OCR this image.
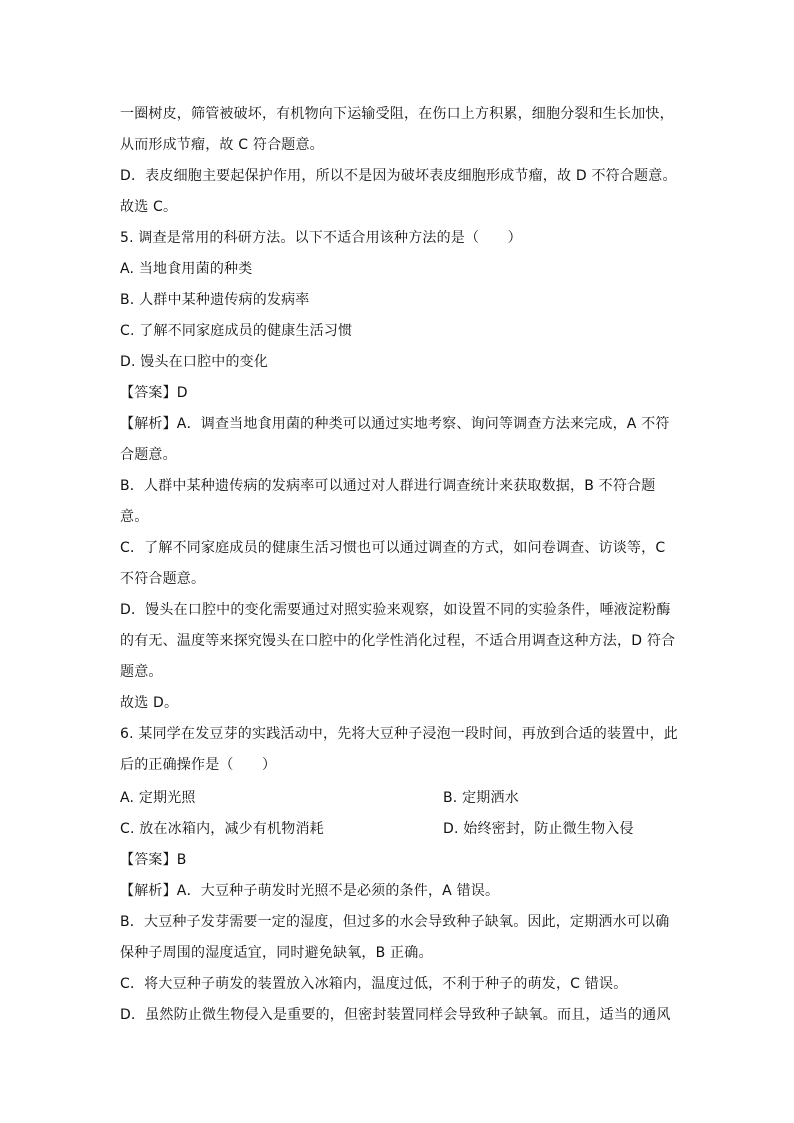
一圈树皮，筛管被破坏，有机物向下运输受阻，在伤口上方积累，细胞分裂和生长加快，
从而形成节瘤，故 C 符合题意。
D．表皮细胞主要起保护作用，所以不是因为破坏表皮细胞形成节瘤，故 D 不符合题意。
故选 C。
5. 调查是常用的科研方法。以下不适合用该种方法的是（　　）
A. 当地食用菌的种类
B. 人群中某种遗传病的发病率
C. 了解不同家庭成员的健康生活习惯
D. 馒头在口腔中的变化
【答案】D
【解析】A．调查当地食用菌的种类可以通过实地考察、询问等调查方法来完成，A 不符
合题意。
B．人群中某种遗传病的发病率可以通过对人群进行调查统计来获取数据，B 不符合题
意。
C．了解不同家庭成员的健康生活习惯也可以通过调查的方式，如问卷调查、访谈等，C
不符合题意。
D．馒头在口腔中的变化需要通过对照实验来观察，如设置不同的实验条件，唾液淀粉酶
的有无、温度等来探究馒头在口腔中的化学性消化过程，不适合用调查这种方法，D 符合
题意。
故选 D。
6. 某同学在发豆芽的实践活动中，先将大豆种子浸泡一段时间，再放到合适的装置中，此
后的正确操作是（　　）
A. 定期光照	B. 定期洒水
C. 放在冰箱内，减少有机物消耗	D. 始终密封，防止微生物入侵
【答案】B
【解析】A．大豆种子萌发时光照不是必须的条件，A 错误。
B．大豆种子发芽需要一定的湿度，但过多的水会导致种子缺氧。因此，定期洒水可以确
保种子周围的湿度适宜，同时避免缺氧，B 正确。
C．将大豆种子萌发的装置放入冰箱内，温度过低，不利于种子的萌发，C 错误。
D．虽然防止微生物侵入是重要的，但密封装置同样会导致种子缺氧。而且，适当的通风
